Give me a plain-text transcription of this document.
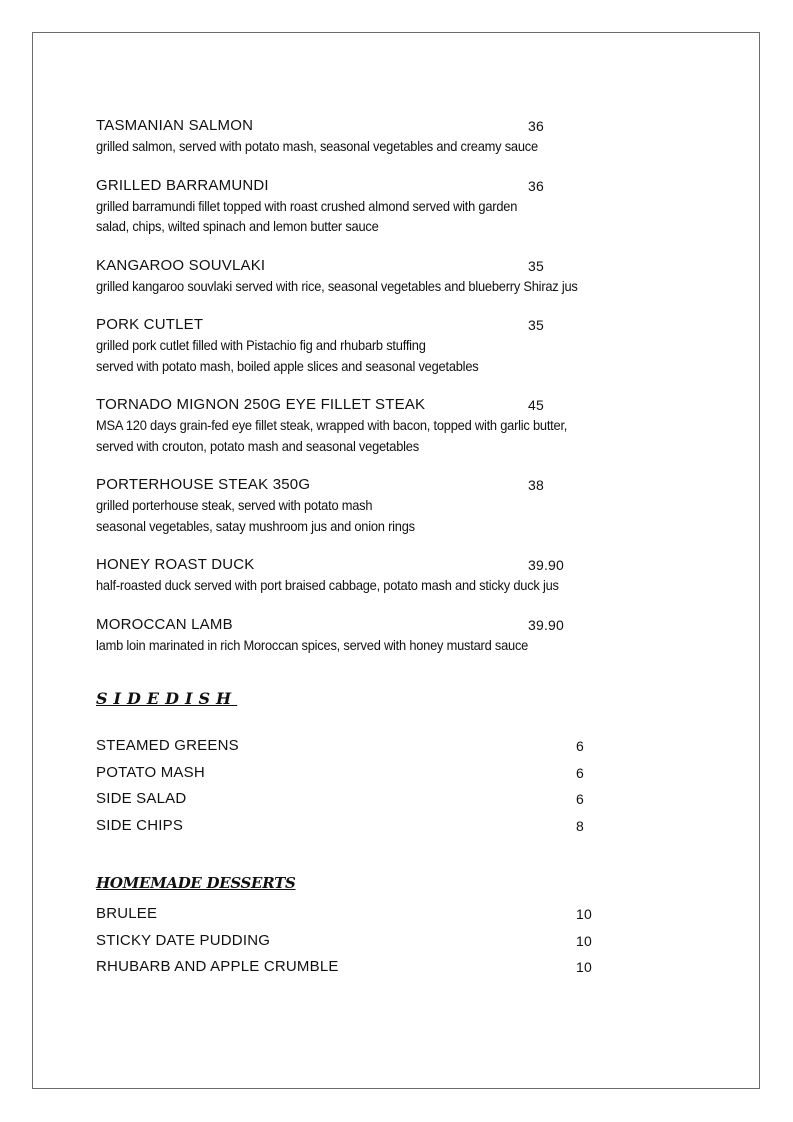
TASMANIAN SALMON	36
grilled salmon, served with potato mash, seasonal vegetables and creamy sauce
GRILLED BARRAMUNDI	36
grilled barramundi fillet topped with roast crushed almond served with garden
salad, chips, wilted spinach and lemon butter sauce
KANGAROO SOUVLAKI	35
grilled kangaroo souvlaki served with rice, seasonal vegetables and blueberry Shiraz jus
PORK CUTLET	35
grilled pork cutlet filled with Pistachio fig and rhubarb stuffing
served with potato mash, boiled apple slices and seasonal vegetables
TORNADO MIGNON 250G EYE FILLET STEAK	45
MSA 120 days grain-fed eye fillet steak, wrapped with bacon, topped with garlic butter,
served with crouton, potato mash and seasonal vegetables
PORTERHOUSE STEAK 350G	38
grilled porterhouse steak, served with potato mash
seasonal vegetables, satay mushroom jus and onion rings
HONEY ROAST DUCK	39.90
half-roasted duck served with port braised cabbage, potato mash and sticky duck jus
MOROCCAN LAMB	39.90
lamb loin marinated in rich Moroccan spices, served with honey mustard sauce
SIDEDISH
STEAMED GREENS	6
POTATO MASH	6
SIDE SALAD	6
SIDE CHIPS	8
HOMEMADE DESSERTS
BRULEE	10
STICKY DATE PUDDING	10
RHUBARB AND APPLE CRUMBLE	10
